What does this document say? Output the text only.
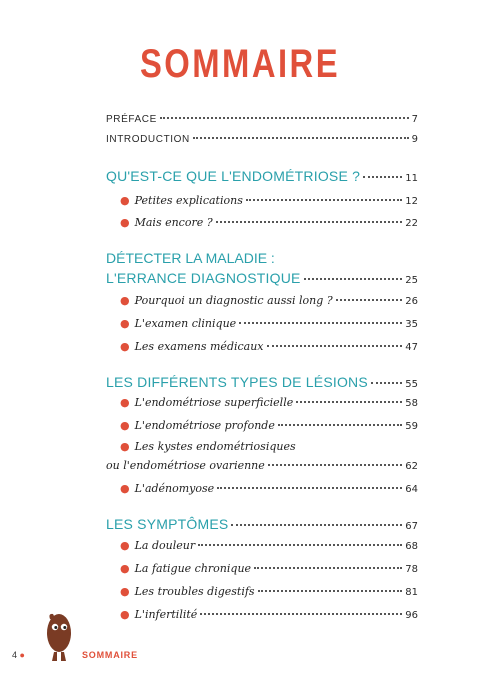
SOMMAIRE
PRÉFACE	7
INTRODUCTION	9
QU'EST-CE QUE L'ENDOMÉTRIOSE ?	11
● Petites explications	12
● Mais encore ?	22
DÉTECTER LA MALADIE :
L'ERRANCE DIAGNOSTIQUE	25
● Pourquoi un diagnostic aussi long ?	26
● L'examen clinique	35
● Les examens médicaux	47
LES DIFFÉRENTS TYPES DE LÉSIONS	55
● L'endométriose superficielle	58
● L'endométriose profonde	59
● Les kystes endométriosiques
ou l'endométriose ovarienne	62
● L'adénomyose	64
LES SYMPTÔMES	67
● La douleur	68
● La fatigue chronique	78
● Les troubles digestifs	81
● L'infertilité	96
4 ●	SOMMAIRE
